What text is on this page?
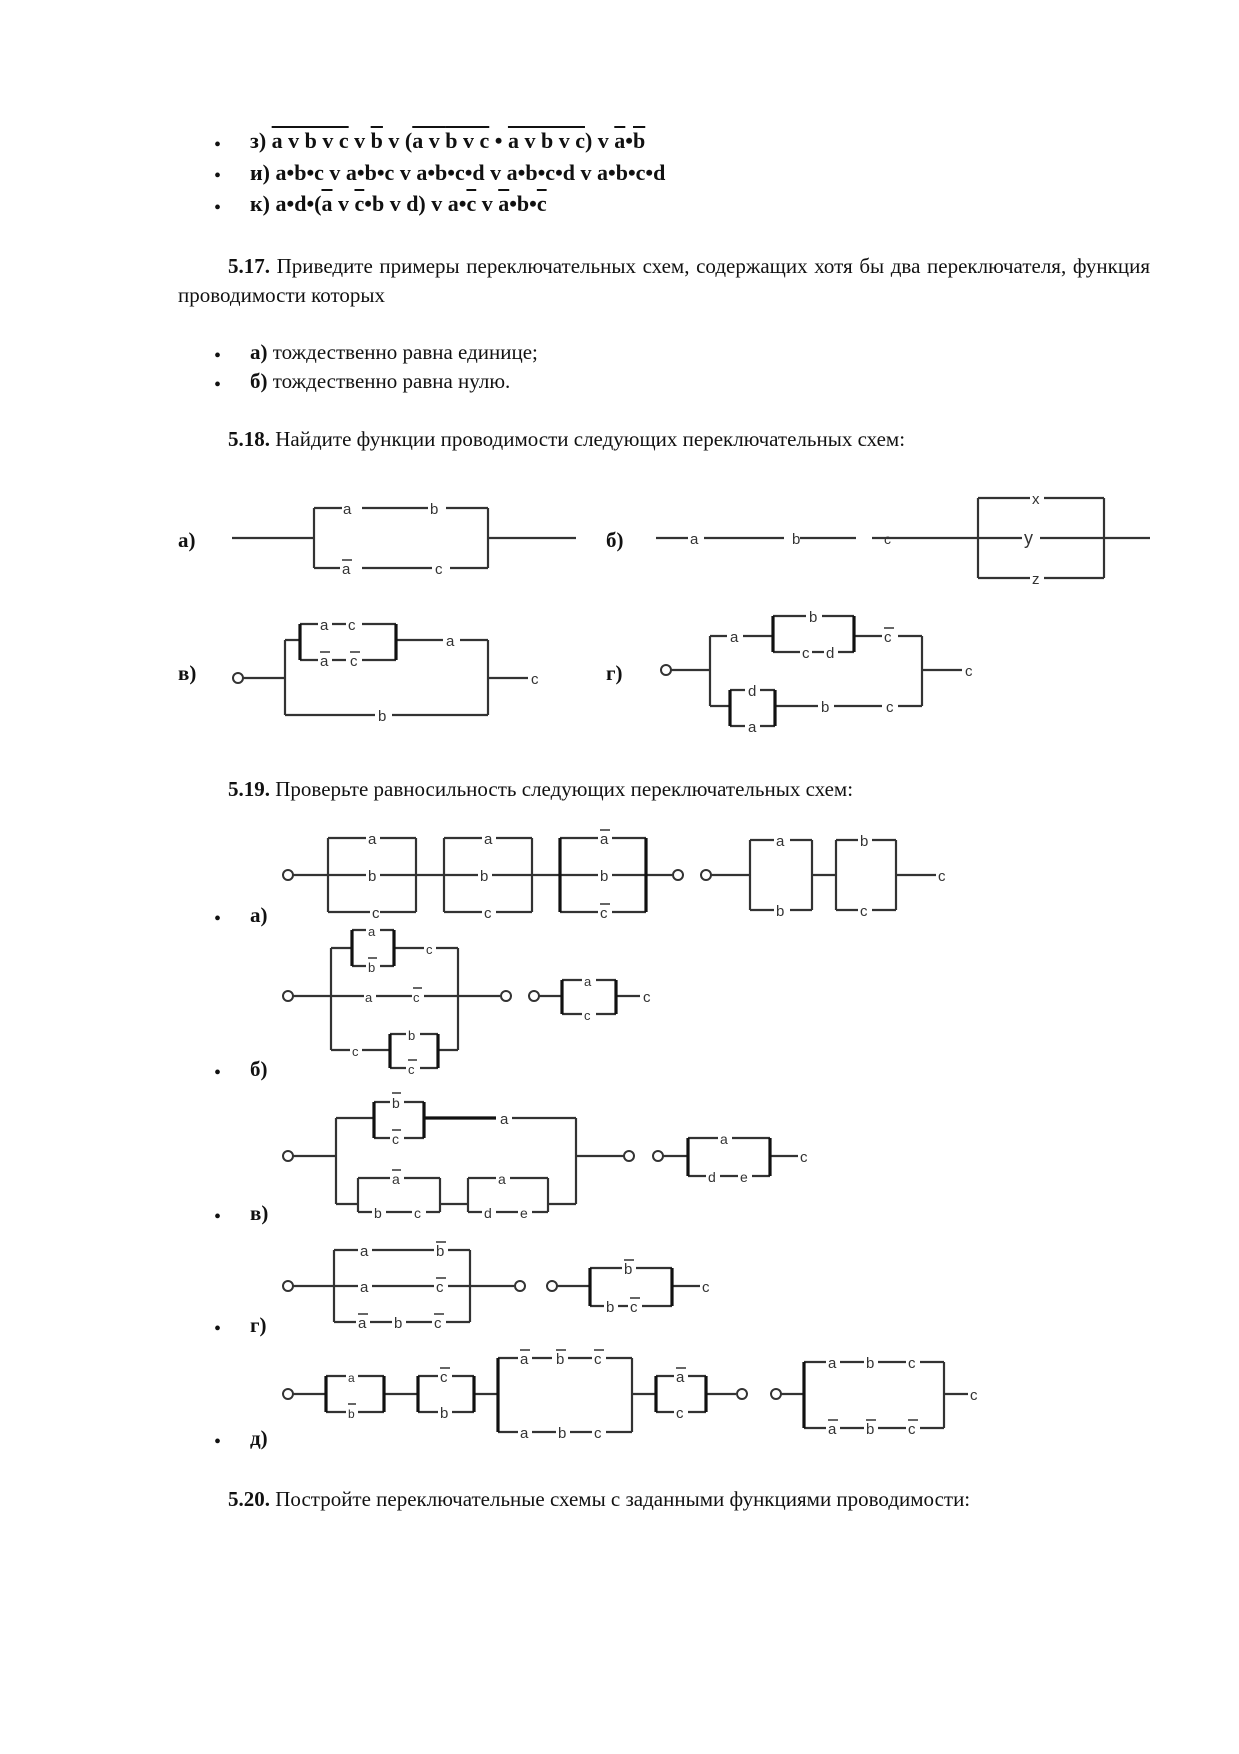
• з) a v b v c v $\overline{b}$ v (a v b v c • a v b v c) v $\overline{a}•\overline{b}$
• и) a•b•c v a•b•c v a•b•c•d v a•b•c•d v a•b•c•d
• к) $a•d•(\overline{a}$ v $\overline{c}•b$ v d) v $a•\overline{c}$ v $\overline{a}•b•\overline{c}$
5.17. Приведите примеры переключательных схем, содержащих хотя бы два переключателя, функция проводимости которых
• а) тождественно равна единице;
• б) тождественно равна нулю.
5.18. Найдите функции проводимости следующих переключательных схем:
а)	б)
в)	г)
5.19. Проверьте равносильность следующих переключательных схем:
• а)
• б)
• в)
• г)
• д)
5.20. Постройте переключательные схемы с заданными функциями проводимости:
a	b
a	c
a	b	c
x
y
z
a c
a c
a
c
b
a
b
c d
c
d
a
b	c
c
a
b
c
a
b
c
a
b
c
a
b
b
c
c
a
b
c
a	c
c
b
c
a
c
c
b
c
a
a
b c
a
d e
a
d e
c
a	b
a	c
a b c
b
b c
c
a
b
c
b
a b c
a b c
a
c
a b c
a b c
c
